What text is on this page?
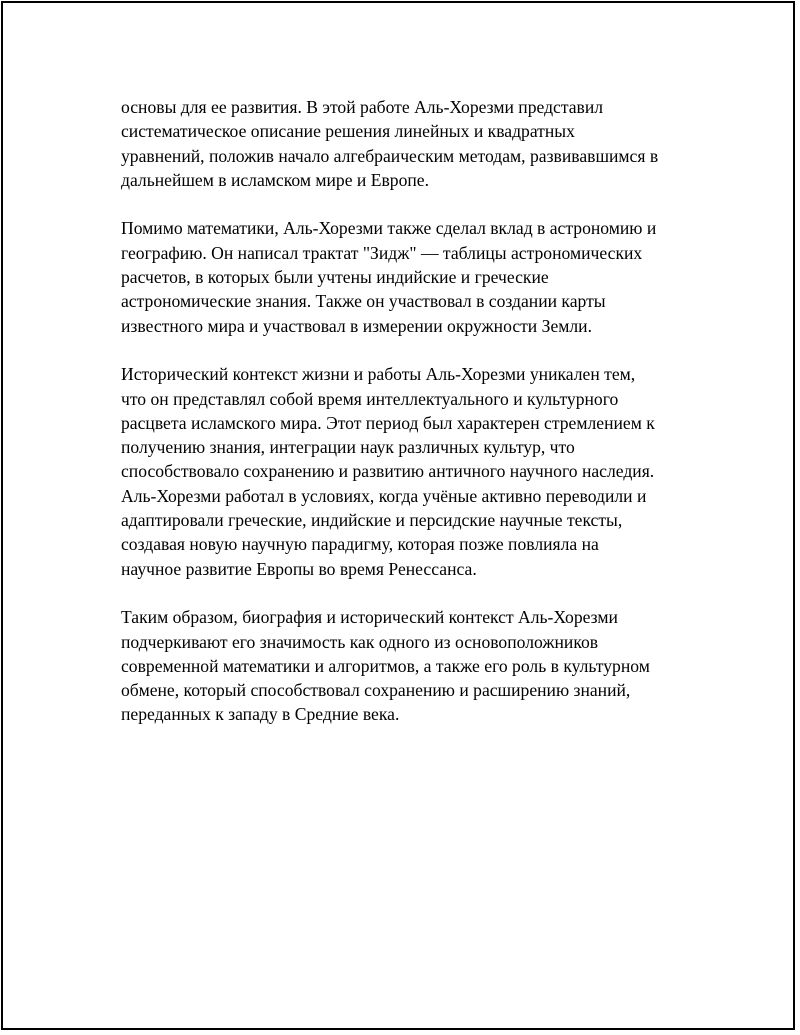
основы для ее развития. В этой работе Аль-Хорезми представил
систематическое описание решения линейных и квадратных
уравнений, положив начало алгебраическим методам, развивавшимся в
дальнейшем в исламском мире и Европе.

Помимо математики, Аль-Хорезми также сделал вклад в астрономию и
географию. Он написал трактат "Зидж" — таблицы астрономических
расчетов, в которых были учтены индийские и греческие
астрономические знания. Также он участвовал в создании карты
известного мира и участвовал в измерении окружности Земли.

Исторический контекст жизни и работы Аль-Хорезми уникален тем,
что он представлял собой время интеллектуального и культурного
расцвета исламского мира. Этот период был характерен стремлением к
получению знания, интеграции наук различных культур, что
способствовало сохранению и развитию античного научного наследия.
Аль-Хорезми работал в условиях, когда учёные активно переводили и
адаптировали греческие, индийские и персидские научные тексты,
создавая новую научную парадигму, которая позже повлияла на
научное развитие Европы во время Ренессанса.

Таким образом, биография и исторический контекст Аль-Хорезми
подчеркивают его значимость как одного из основоположников
современной математики и алгоритмов, а также его роль в культурном
обмене, который способствовал сохранению и расширению знаний,
переданных к западу в Средние века.
